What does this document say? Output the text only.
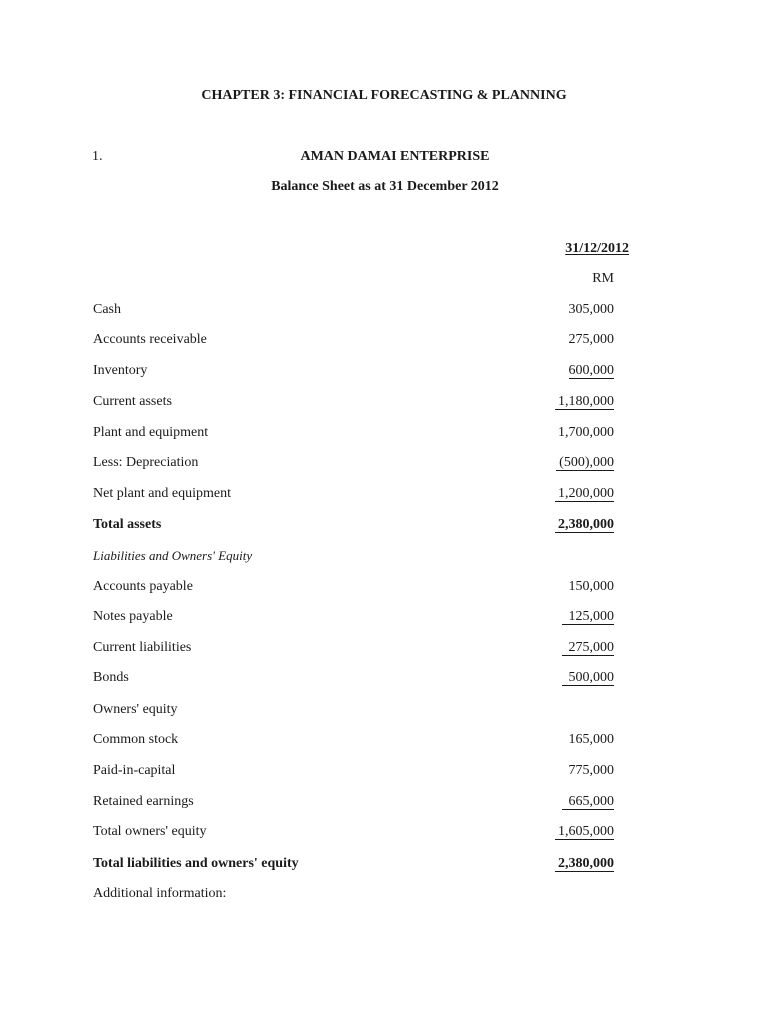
CHAPTER 3: FINANCIAL FORECASTING & PLANNING
1.	AMAN DAMAI ENTERPRISE
Balance Sheet as at 31 December 2012
31/12/2012
RM
Cash	305,000
Accounts receivable	275,000
Inventory	600,000
Current assets	1,180,000
Plant and equipment	1,700,000
Less: Depreciation	(500),000
Net plant and equipment	1,200,000
Total assets	2,380,000
Liabilities and Owners' Equity
Accounts payable	150,000
Notes payable	125,000
Current liabilities	275,000
Bonds	500,000
Owners' equity
Common stock	165,000
Paid-in-capital	775,000
Retained earnings	665,000
Total owners' equity	1,605,000
Total liabilities and owners' equity	2,380,000
Additional information:
